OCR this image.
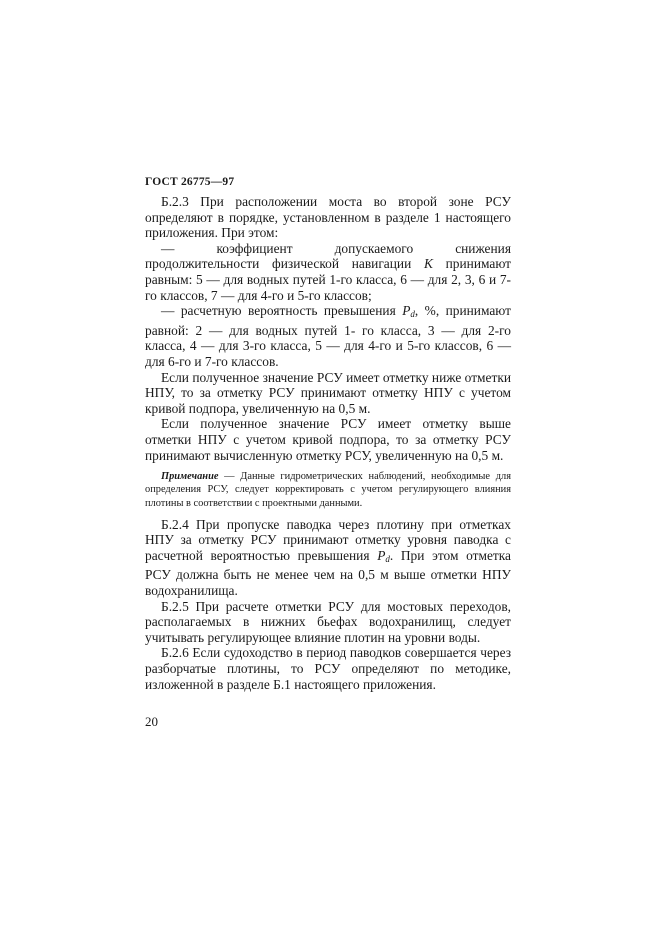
ГОСТ 26775—97

Б.2.3 При расположении моста во второй зоне РСУ определяют в порядке, установленном в разделе 1 настоящего приложения. При этом:

— коэффициент допускаемого снижения продолжительности физической навигации K принимают равным: 5 — для водных путей 1-го класса, 6 — для 2, 3, 6 и 7-го классов, 7 — для 4-го и 5-го классов;

— расчетную вероятность превышения $P_d$, %, принимают равной: 2 — для водных путей 1- го класса, 3 — для 2-го класса, 4 — для 3-го класса, 5 — для 4-го и 5-го классов, 6 — для 6-го и 7-го классов.

Если полученное значение РСУ имеет отметку ниже отметки НПУ, то за отметку РСУ принимают отметку НПУ с учетом кривой подпора, увеличенную на 0,5 м.

Если полученное значение РСУ имеет отметку выше отметки НПУ с учетом кривой подпора, то за отметку РСУ принимают вычисленную отметку РСУ, увеличенную на 0,5 м.

Примечание — Данные гидрометрических наблюдений, необходимые для определения РСУ, следует корректировать с учетом регулирующего влияния плотины в соответствии с проектными данными.

Б.2.4 При пропуске паводка через плотину при отметках НПУ за отметку РСУ принимают отметку уровня паводка с расчетной вероятностью превышения $P_d$. При этом отметка РСУ должна быть не менее чем на 0,5 м выше отметки НПУ водохранилища.

Б.2.5 При расчете отметки РСУ для мостовых переходов, располагаемых в нижних бьефах водохранилищ, следует учитывать регулирующее влияние плотин на уровни воды.

Б.2.6 Если судоходство в период паводков совершается через разборчатые плотины, то РСУ определяют по методике, изложенной в разделе Б.1 настоящего приложения.

20
